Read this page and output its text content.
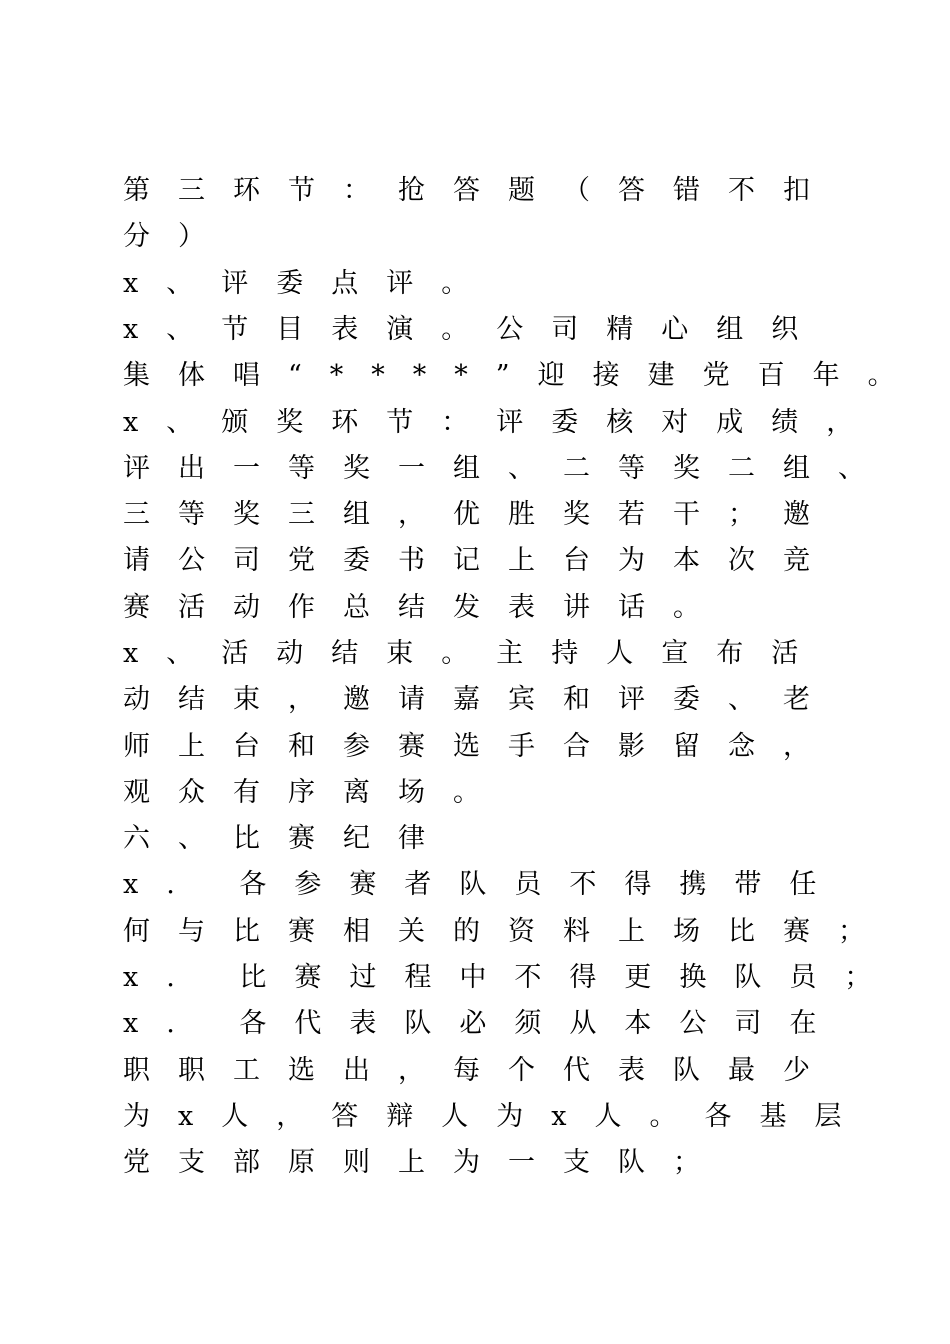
第三环节：抢答题（答错不扣
分）
x、评委点评。
x、节目表演。公司精心组织
集体唱“****”迎接建党百年。
x、颁奖环节：评委核对成绩，
评出一等奖一组、二等奖二组、
三等奖三组，优胜奖若干；邀
请公司党委书记上台为本次竞
赛活动作总结发表讲话。
x、活动结束。主持人宣布活
动结束，邀请嘉宾和评委、老
师上台和参赛选手合影留念，
观众有序离场。
六、比赛纪律
x. 各参赛者队员不得携带任
何与比赛相关的资料上场比赛；
x. 比赛过程中不得更换队员；
x. 各代表队必须从本公司在
职职工选出，每个代表队最少
为x人，答辩人为x人。各基层
党支部原则上为一支队；
